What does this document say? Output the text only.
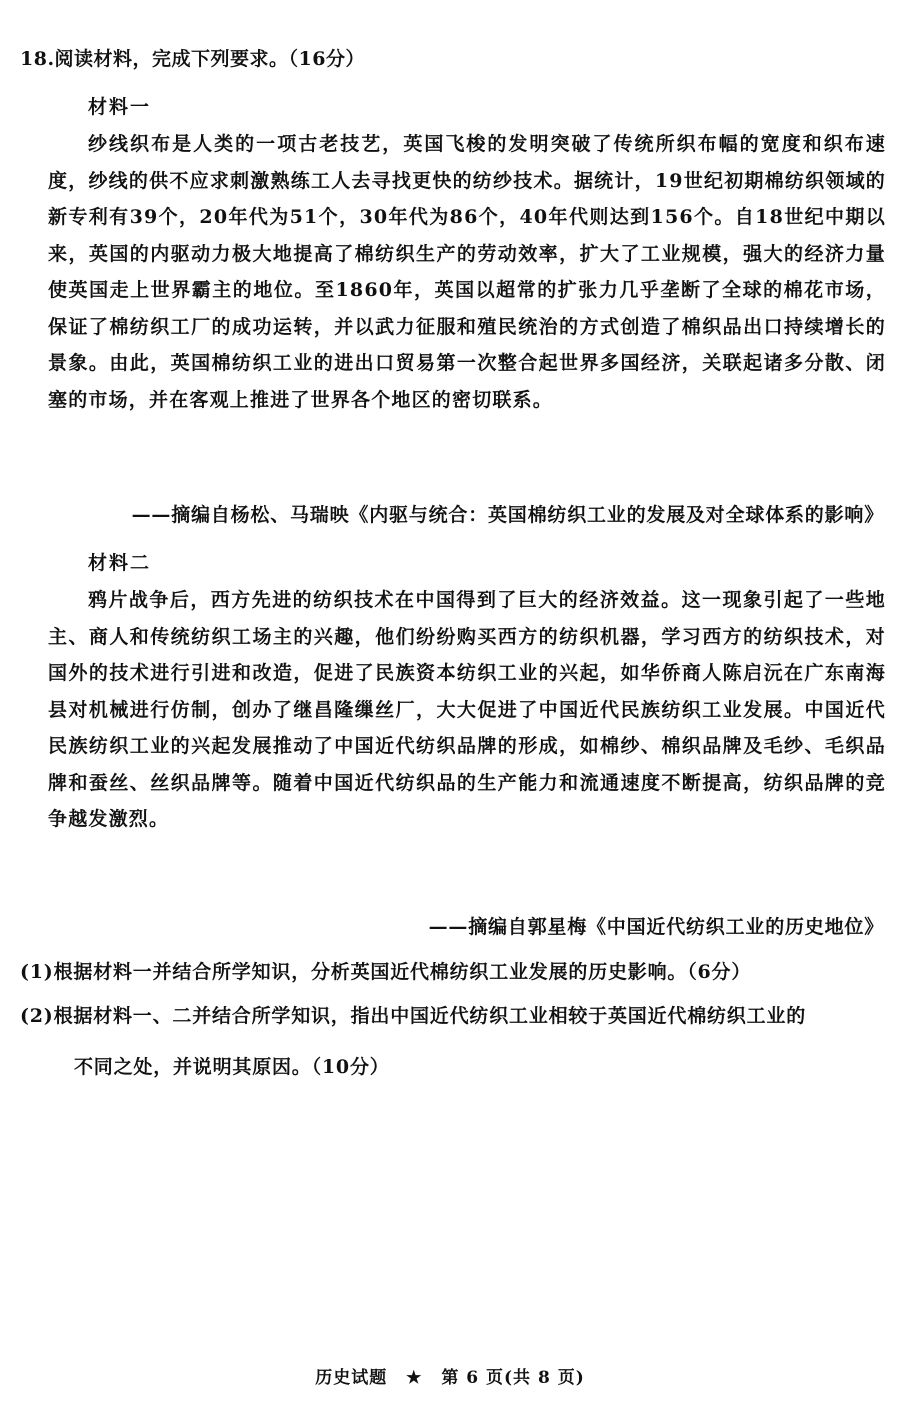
18.阅读材料，完成下列要求。（16分）
材料一
纱线织布是人类的一项古老技艺，英国飞梭的发明突破了传统所织布幅的宽度和织布速度，纱线的供不应求刺激熟练工人去寻找更快的纺纱技术。据统计，19世纪初期棉纺织领域的新专利有39个，20年代为51个，30年代为86个，40年代则达到156个。自18世纪中期以来，英国的内驱动力极大地提高了棉纺织生产的劳动效率，扩大了工业规模，强大的经济力量使英国走上世界霸主的地位。至1860年，英国以超常的扩张力几乎垄断了全球的棉花市场，保证了棉纺织工厂的成功运转，并以武力征服和殖民统治的方式创造了棉织品出口持续增长的景象。由此，英国棉纺织工业的进出口贸易第一次整合起世界多国经济，关联起诸多分散、闭塞的市场，并在客观上推进了世界各个地区的密切联系。
——摘编自杨松、马瑞映《内驱与统合：英国棉纺织工业的发展及对全球体系的影响》
材料二
鸦片战争后，西方先进的纺织技术在中国得到了巨大的经济效益。这一现象引起了一些地主、商人和传统纺织工场主的兴趣，他们纷纷购买西方的纺织机器，学习西方的纺织技术，对国外的技术进行引进和改造，促进了民族资本纺织工业的兴起，如华侨商人陈启沅在广东南海县对机械进行仿制，创办了继昌隆缫丝厂，大大促进了中国近代民族纺织工业发展。中国近代民族纺织工业的兴起发展推动了中国近代纺织品牌的形成，如棉纱、棉织品牌及毛纱、毛织品牌和蚕丝、丝织品牌等。随着中国近代纺织品的生产能力和流通速度不断提高，纺织品牌的竞争越发激烈。
——摘编自郭星梅《中国近代纺织工业的历史地位》
(1)根据材料一并结合所学知识，分析英国近代棉纺织工业发展的历史影响。（6分）
(2)根据材料一、二并结合所学知识，指出中国近代纺织工业相较于英国近代棉纺织工业的
不同之处，并说明其原因。（10分）
历史试题 ★ 第 6 页(共 8 页)
